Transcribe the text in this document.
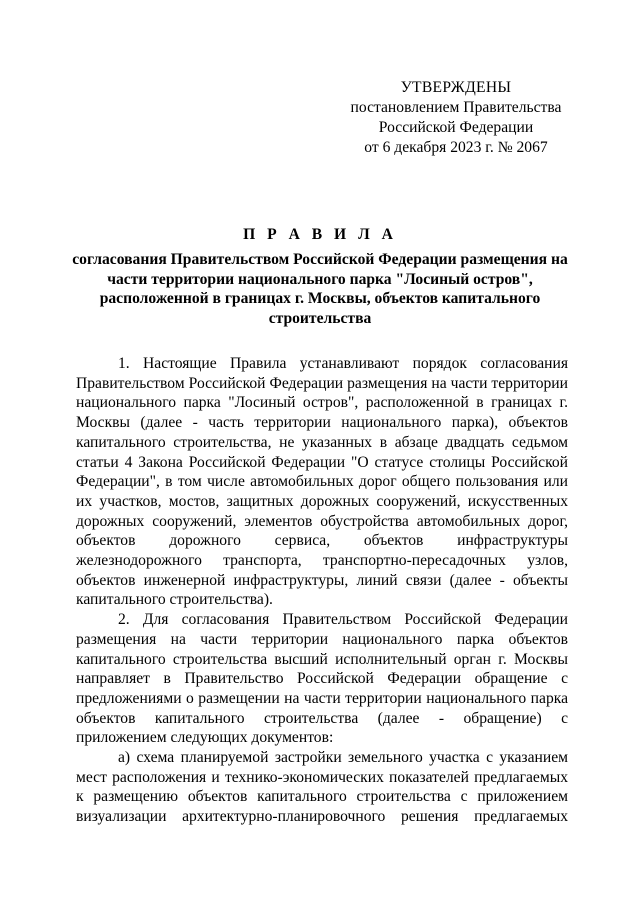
УТВЕРЖДЕНЫ
постановлением Правительства
Российской Федерации
от 6 декабря 2023 г. № 2067
П Р А В И Л А
согласования Правительством Российской Федерации размещения на части территории национального парка "Лосиный остров", расположенной в границах г. Москвы, объектов капитального строительства

1. Настоящие Правила устанавливают порядок согласования Правительством Российской Федерации размещения на части территории национального парка "Лосиный остров", расположенной в границах г. Москвы (далее - часть территории национального парка), объектов капитального строительства, не указанных в абзаце двадцать седьмом статьи 4 Закона Российской Федерации "О статусе столицы Российской Федерации", в том числе автомобильных дорог общего пользования или их участков, мостов, защитных дорожных сооружений, искусственных дорожных сооружений, элементов обустройства автомобильных дорог, объектов дорожного сервиса, объектов инфраструктуры железнодорожного транспорта, транспортно-пересадочных узлов, объектов инженерной инфраструктуры, линий связи (далее - объекты капитального строительства).

2. Для согласования Правительством Российской Федерации размещения на части территории национального парка объектов капитального строительства высший исполнительный орган г. Москвы направляет в Правительство Российской Федерации обращение с предложениями о размещении на части территории национального парка объектов капитального строительства (далее - обращение) с приложением следующих документов:

а) схема планируемой застройки земельного участка с указанием мест расположения и технико-экономических показателей предлагаемых к размещению объектов капитального строительства с приложением визуализации архитектурно-планировочного решения предлагаемых
